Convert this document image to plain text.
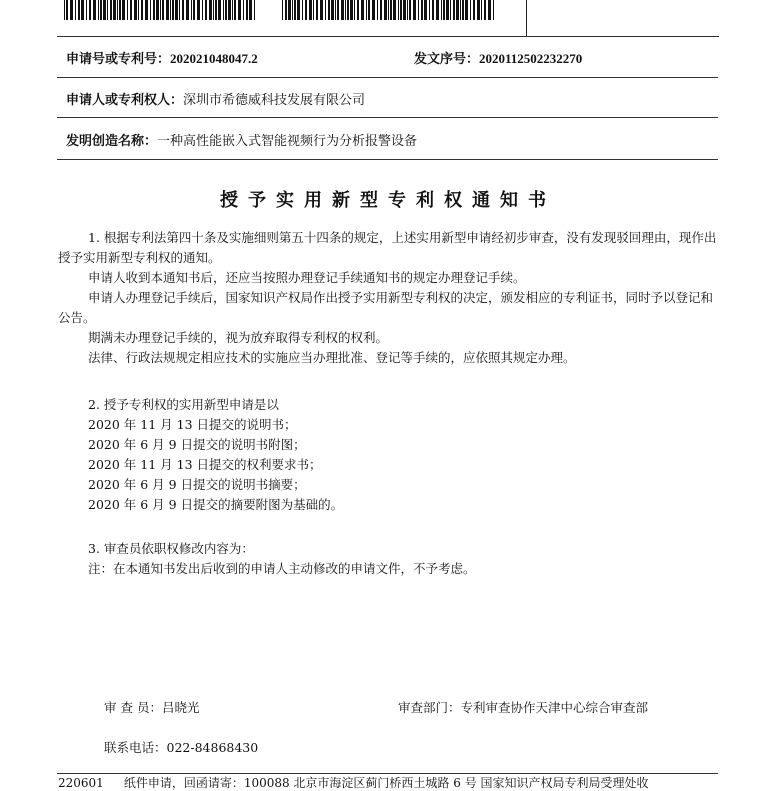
申请号或专利号：202021048047.2	发文序号：2020112502232270
申请人或专利权人：深圳市希德威科技发展有限公司
发明创造名称：一种高性能嵌入式智能视频行为分析报警设备
授予实用新型专利权通知书

1. 根据专利法第四十条及实施细则第五十四条的规定，上述实用新型申请经初步审查，没有发现驳回理由，现作出授予实用新型专利权的通知。

申请人收到本通知书后，还应当按照办理登记手续通知书的规定办理登记手续。

申请人办理登记手续后，国家知识产权局作出授予实用新型专利权的决定，颁发相应的专利证书，同时予以登记和公告。

期满未办理登记手续的，视为放弃取得专利权的权利。

法律、行政法规规定相应技术的实施应当办理批准、登记等手续的，应依照其规定办理。

2. 授予专利权的实用新型申请是以

2020 年 11 月 13 日提交的说明书；

2020 年 6 月 9 日提交的说明书附图；

2020 年 11 月 13 日提交的权利要求书；

2020 年 6 月 9 日提交的说明书摘要；

2020 年 6 月 9 日提交的摘要附图为基础的。

3. 审查员依职权修改内容为：

注：在本通知书发出后收到的申请人主动修改的申请文件，不予考虑。

审 查 员：吕晓光	审查部门：专利审查协作天津中心综合审查部
联系电话：022-84868430
220601 纸件申请，回函请寄：100088 北京市海淀区蓟门桥西土城路 6 号 国家知识产权局专利局受理处收
